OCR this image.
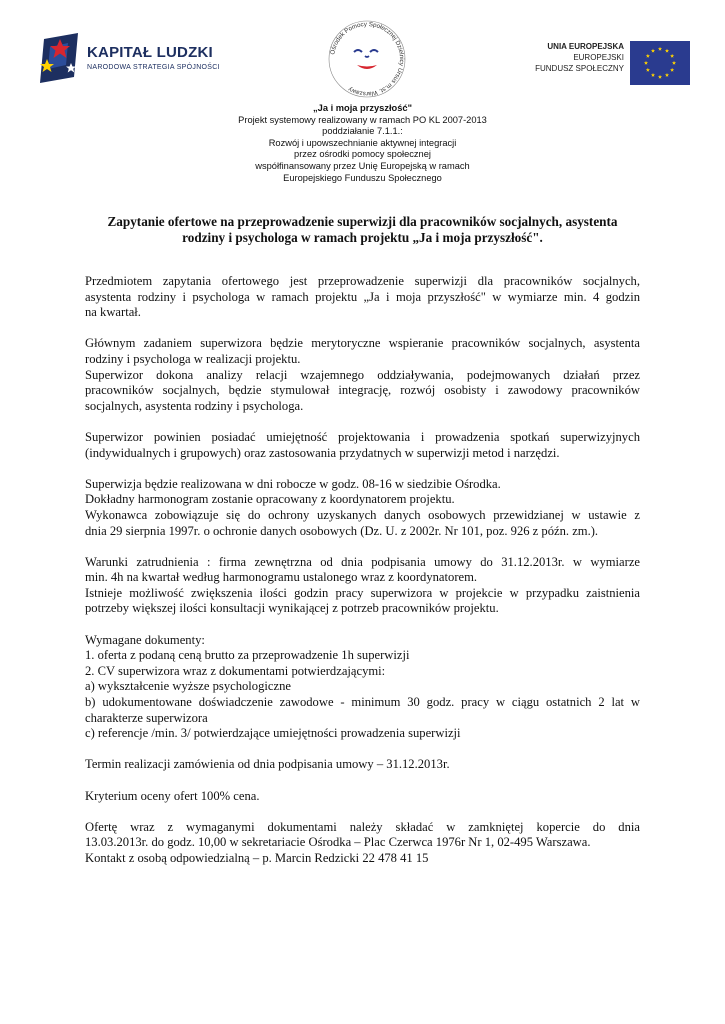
KAPITAŁ LUDZKI
NARODOWA STRATEGIA SPÓJNOŚCI
Ośrodek Pomocy Społecznej Dzielnicy Ursus m.st. Warszawy
UNIA EUROPEJSKA
EUROPEJSKI
FUNDUSZ SPOŁECZNY
„Ja i moja przyszłość"
Projekt systemowy realizowany w ramach PO KL 2007-2013
poddziałanie 7.1.1.:
Rozwój i upowszechnianie aktywnej integracji
przez ośrodki pomocy społecznej
współfinansowany przez Unię Europejską w ramach
Europejskiego Funduszu Społecznego
Zapytanie ofertowe na przeprowadzenie superwizji dla pracowników socjalnych, asystenta
rodziny i psychologa w ramach projektu „Ja i moja przyszłość".
Przedmiotem zapytania ofertowego jest przeprowadzenie superwizji dla pracowników socjalnych,
asystenta rodziny i psychologa w ramach projektu „Ja i moja przyszłość" w wymiarze min. 4 godzin
na kwartał.
Głównym zadaniem superwizora będzie merytoryczne wspieranie pracowników socjalnych, asystenta
rodziny i psychologa w realizacji projektu.
Superwizor dokona analizy relacji wzajemnego oddziaływania, podejmowanych działań przez
pracowników socjalnych, będzie stymulował integrację, rozwój osobisty i zawodowy pracowników
socjalnych, asystenta rodziny i psychologa.
Superwizor powinien posiadać umiejętność projektowania i prowadzenia spotkań superwizyjnych
(indywidualnych i grupowych) oraz zastosowania przydatnych w superwizji metod i narzędzi.
Superwizja będzie realizowana w dni robocze w godz. 08-16 w siedzibie Ośrodka.
Dokładny harmonogram zostanie opracowany z koordynatorem projektu.
Wykonawca zobowiązuje się do ochrony uzyskanych danych osobowych przewidzianej w ustawie z
dnia 29 sierpnia 1997r. o ochronie danych osobowych (Dz. U. z 2002r. Nr 101, poz. 926 z późn. zm.).
Warunki zatrudnienia : firma zewnętrzna od dnia podpisania umowy do 31.12.2013r. w wymiarze
min. 4h na kwartał według harmonogramu ustalonego wraz z koordynatorem.
Istnieje możliwość zwiększenia ilości godzin pracy superwizora w projekcie w przypadku zaistnienia
potrzeby większej ilości konsultacji wynikającej z potrzeb pracowników projektu.
Wymagane dokumenty:
1. oferta z podaną ceną brutto za przeprowadzenie 1h superwizji
2. CV superwizora wraz z dokumentami potwierdzającymi:
a) wykształcenie wyższe psychologiczne
b) udokumentowane doświadczenie zawodowe - minimum 30 godz. pracy w ciągu ostatnich 2 lat w
charakterze superwizora
c) referencje /min. 3/ potwierdzające umiejętności prowadzenia superwizji
Termin realizacji zamówienia od dnia podpisania umowy – 31.12.2013r.
Kryterium oceny ofert 100% cena.
Ofertę wraz z wymaganymi dokumentami należy składać w zamkniętej kopercie do dnia
13.03.2013r. do godz. 10,00 w sekretariacie Ośrodka – Plac Czerwca 1976r Nr 1, 02-495 Warszawa.
Kontakt z osobą odpowiedzialną – p. Marcin Redzicki 22 478 41 15
